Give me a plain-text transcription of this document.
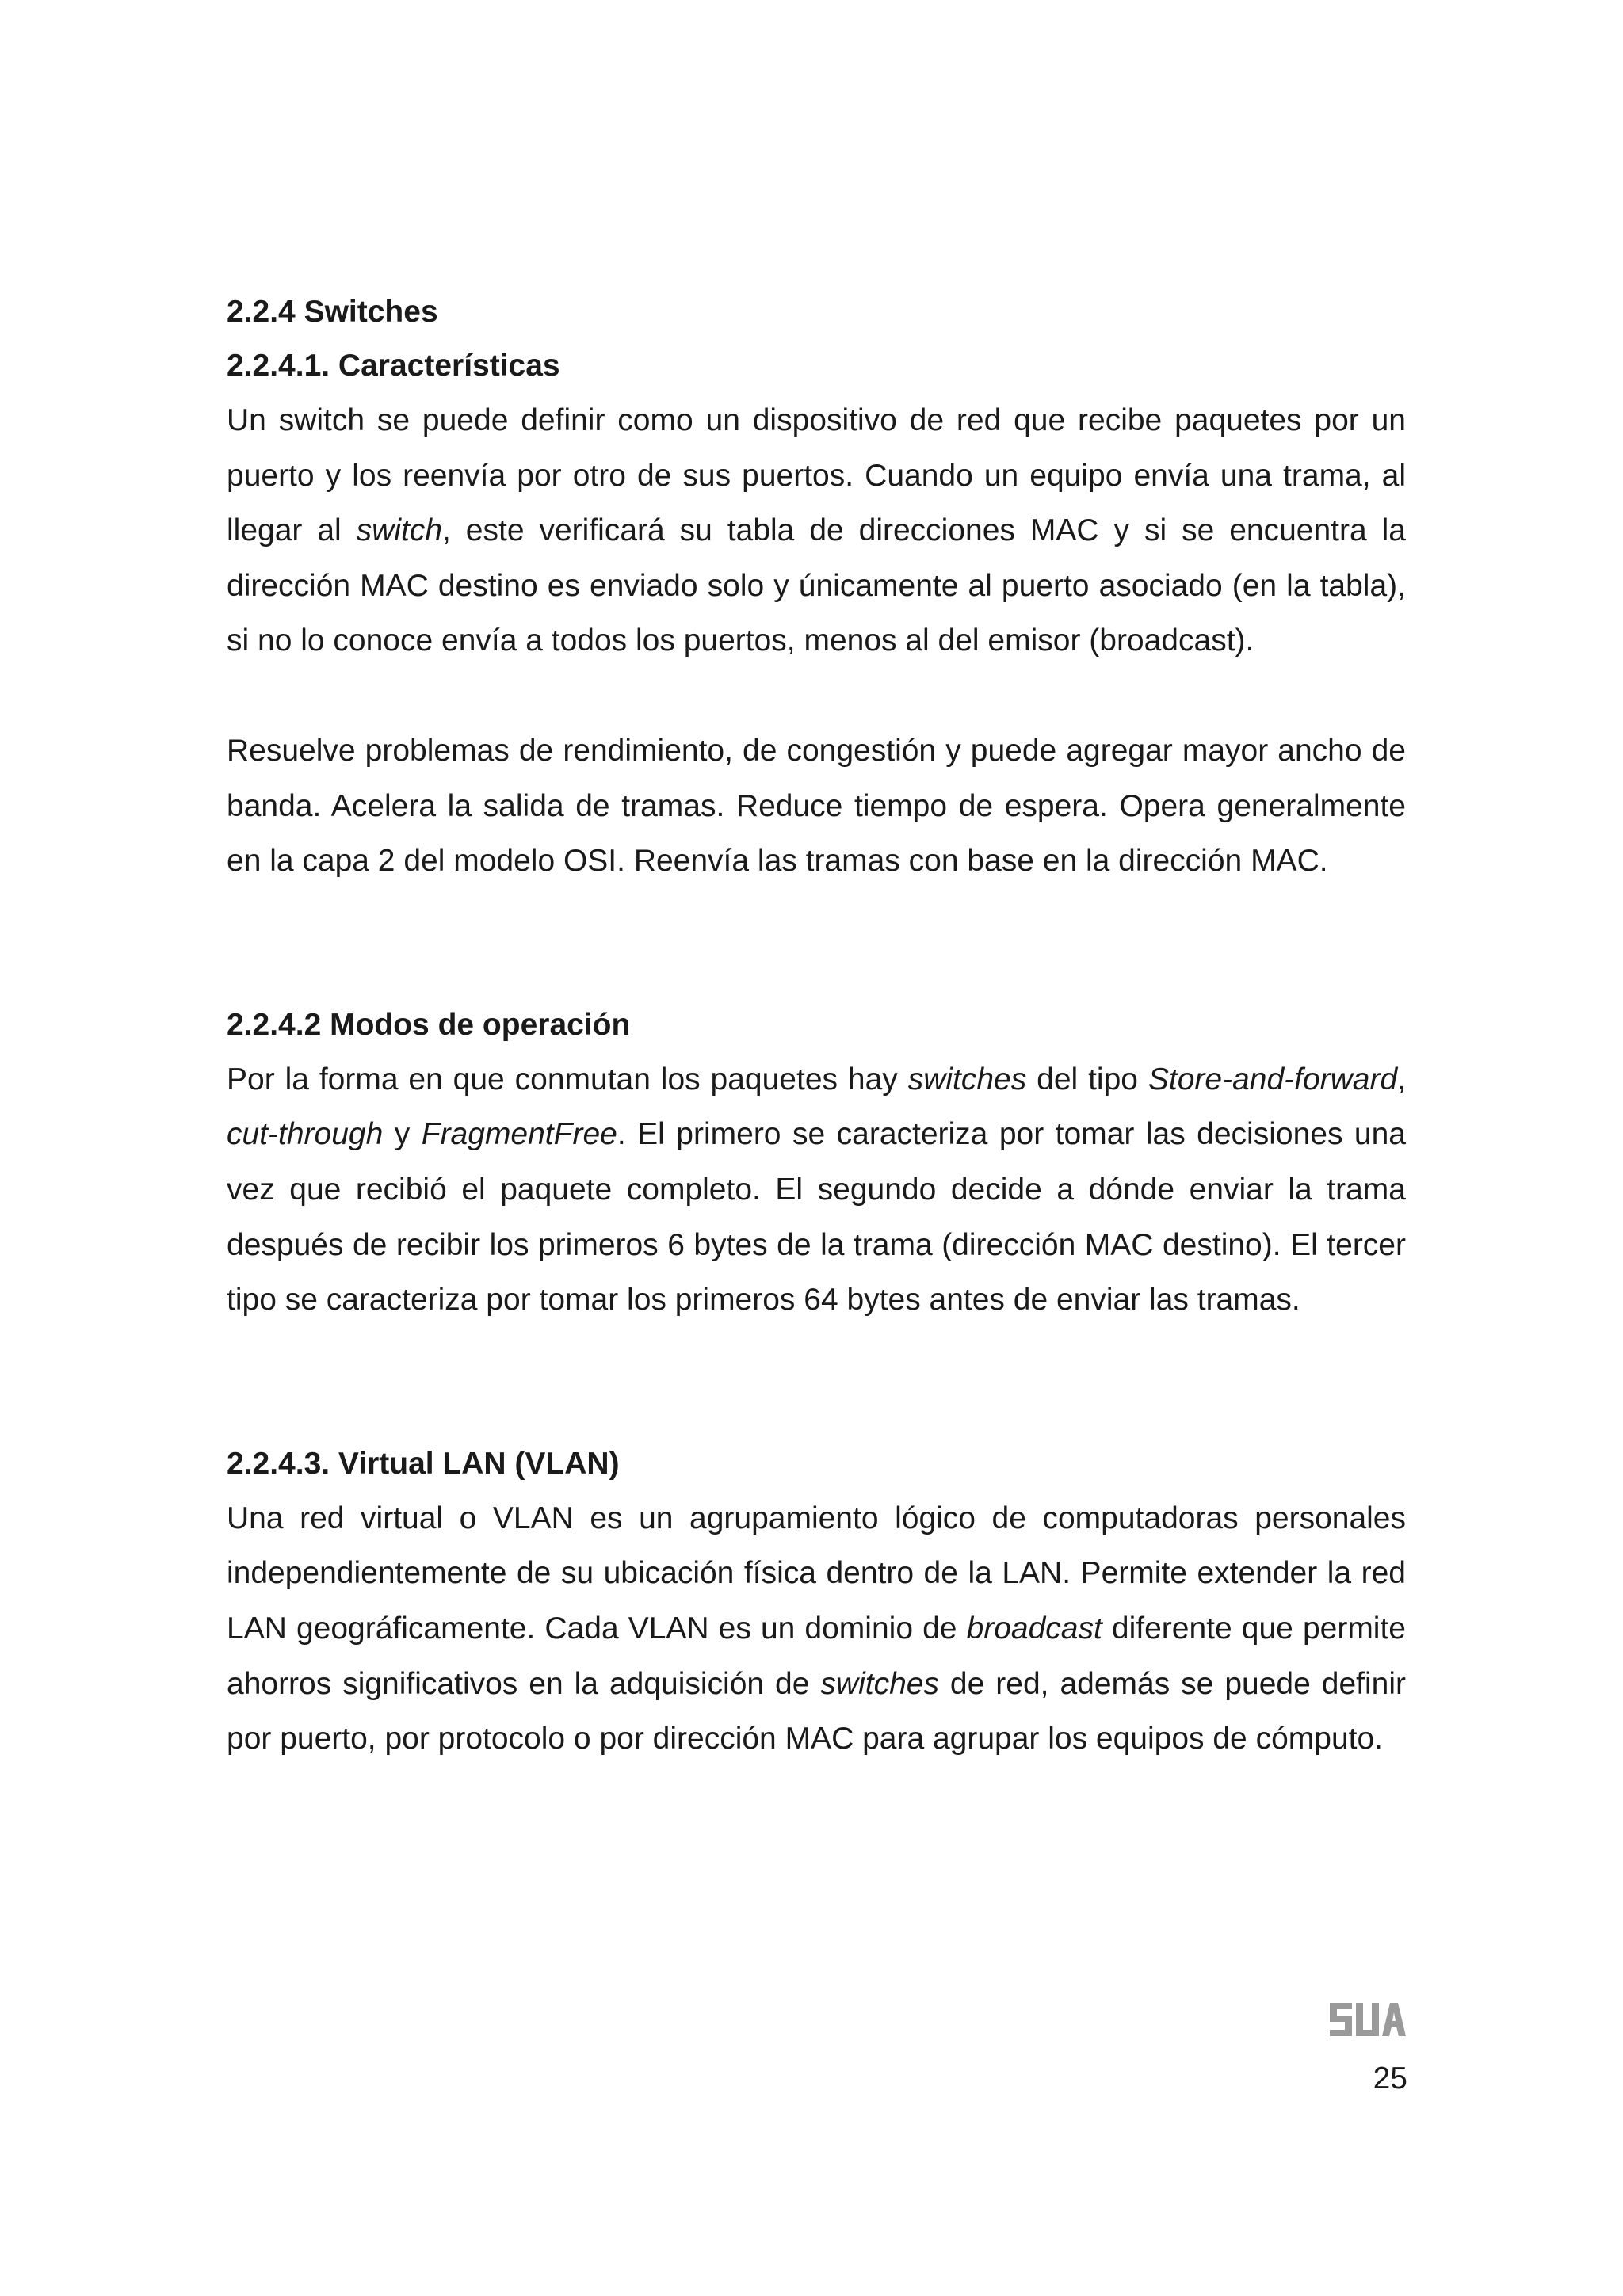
2.2.4 Switches
2.2.4.1. Características

Un switch se puede definir como un dispositivo de red que recibe paquetes por un puerto y los reenvía por otro de sus puertos. Cuando un equipo envía una trama, al llegar al switch, este verificará su tabla de direcciones MAC y si se encuentra la dirección MAC destino es enviado solo y únicamente al puerto asociado (en la tabla), si no lo conoce envía a todos los puertos, menos al del emisor (broadcast).

Resuelve problemas de rendimiento, de congestión y puede agregar mayor ancho de banda. Acelera la salida de tramas. Reduce tiempo de espera. Opera generalmente en la capa 2 del modelo OSI. Reenvía las tramas con base en la dirección MAC.

2.2.4.2 Modos de operación

Por la forma en que conmutan los paquetes hay switches del tipo Store-and-forward, cut-through y FragmentFree. El primero se caracteriza por tomar las decisiones una vez que recibió el paquete completo. El segundo decide a dónde enviar la trama después de recibir los primeros 6 bytes de la trama (dirección MAC destino). El tercer tipo se caracteriza por tomar los primeros 64 bytes antes de enviar las tramas.

2.2.4.3. Virtual LAN (VLAN)

Una red virtual o VLAN es un agrupamiento lógico de computadoras personales independientemente de su ubicación física dentro de la LAN. Permite extender la red LAN geográficamente. Cada VLAN es un dominio de broadcast diferente que permite ahorros significativos en la adquisición de switches de red, además se puede definir por puerto, por protocolo o por dirección MAC para agrupar los equipos de cómputo.

SUA
25
